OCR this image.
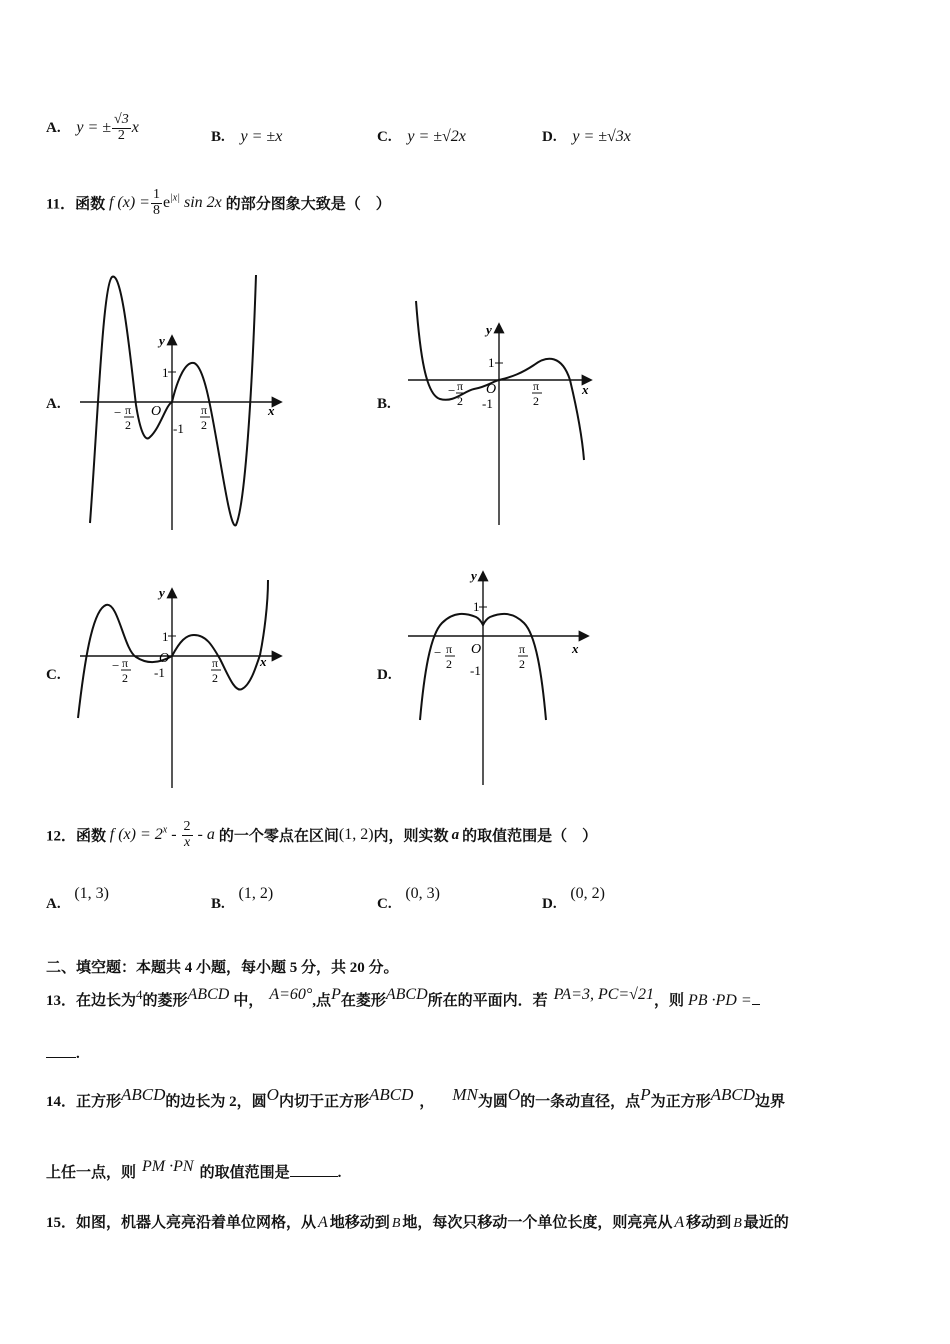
A. y = ± $\frac{√3}{2}$ x
B. y = ±x	C. y = ±√2x	D. y = ±√3x
11．函数 f $(x) = \frac{1}{8} e^{|x|}$ sin 2x 的部分图象大致是（　）
A.
y
x
1
-1
O
− π
2
π
2
B.
y
x
1
-1
O
− π
2
π
2
C.
y
x
1
-1
O
− π
2
π
2	D.
y
x
1
-1
O
− π
2
π
2
12．函数 f $(x) = 2^x - \frac{2}{x} - a$ 的一个零点在区间(1, 2)内，则实数 a 的取值范围是（　）
A. (1, 3)
B. (1, 2)
C. (0, 3)
D. (0, 2)
二、填空题：本题共 4 小题，每小题 5 分，共 20 分。
13．在边长为$^4$的菱形$^{ABCD}$ 中， $^{A=60^\circ}$,点$^P$在菱形$^{ABCD}$所在的平面内．若 $^{PA=3, PC=√21}$，则 PB ·PD =
.
14．正方形$^{ABCD}$的边长为 2，圆$^O$内切于正方形$^{ABCD}$ ， $^{MN}$为圆$^O$的一条动直径，点$^P$为正方形$^{ABCD}$边界
上任一点，则 $^{PM \cdot PN}$ 的取值范围是	.
15．如图，机器人亮亮沿着单位网格，从 A 地移动到 B 地，每次只移动一个单位长度，则亮亮从 A 移动到 B 最近的
